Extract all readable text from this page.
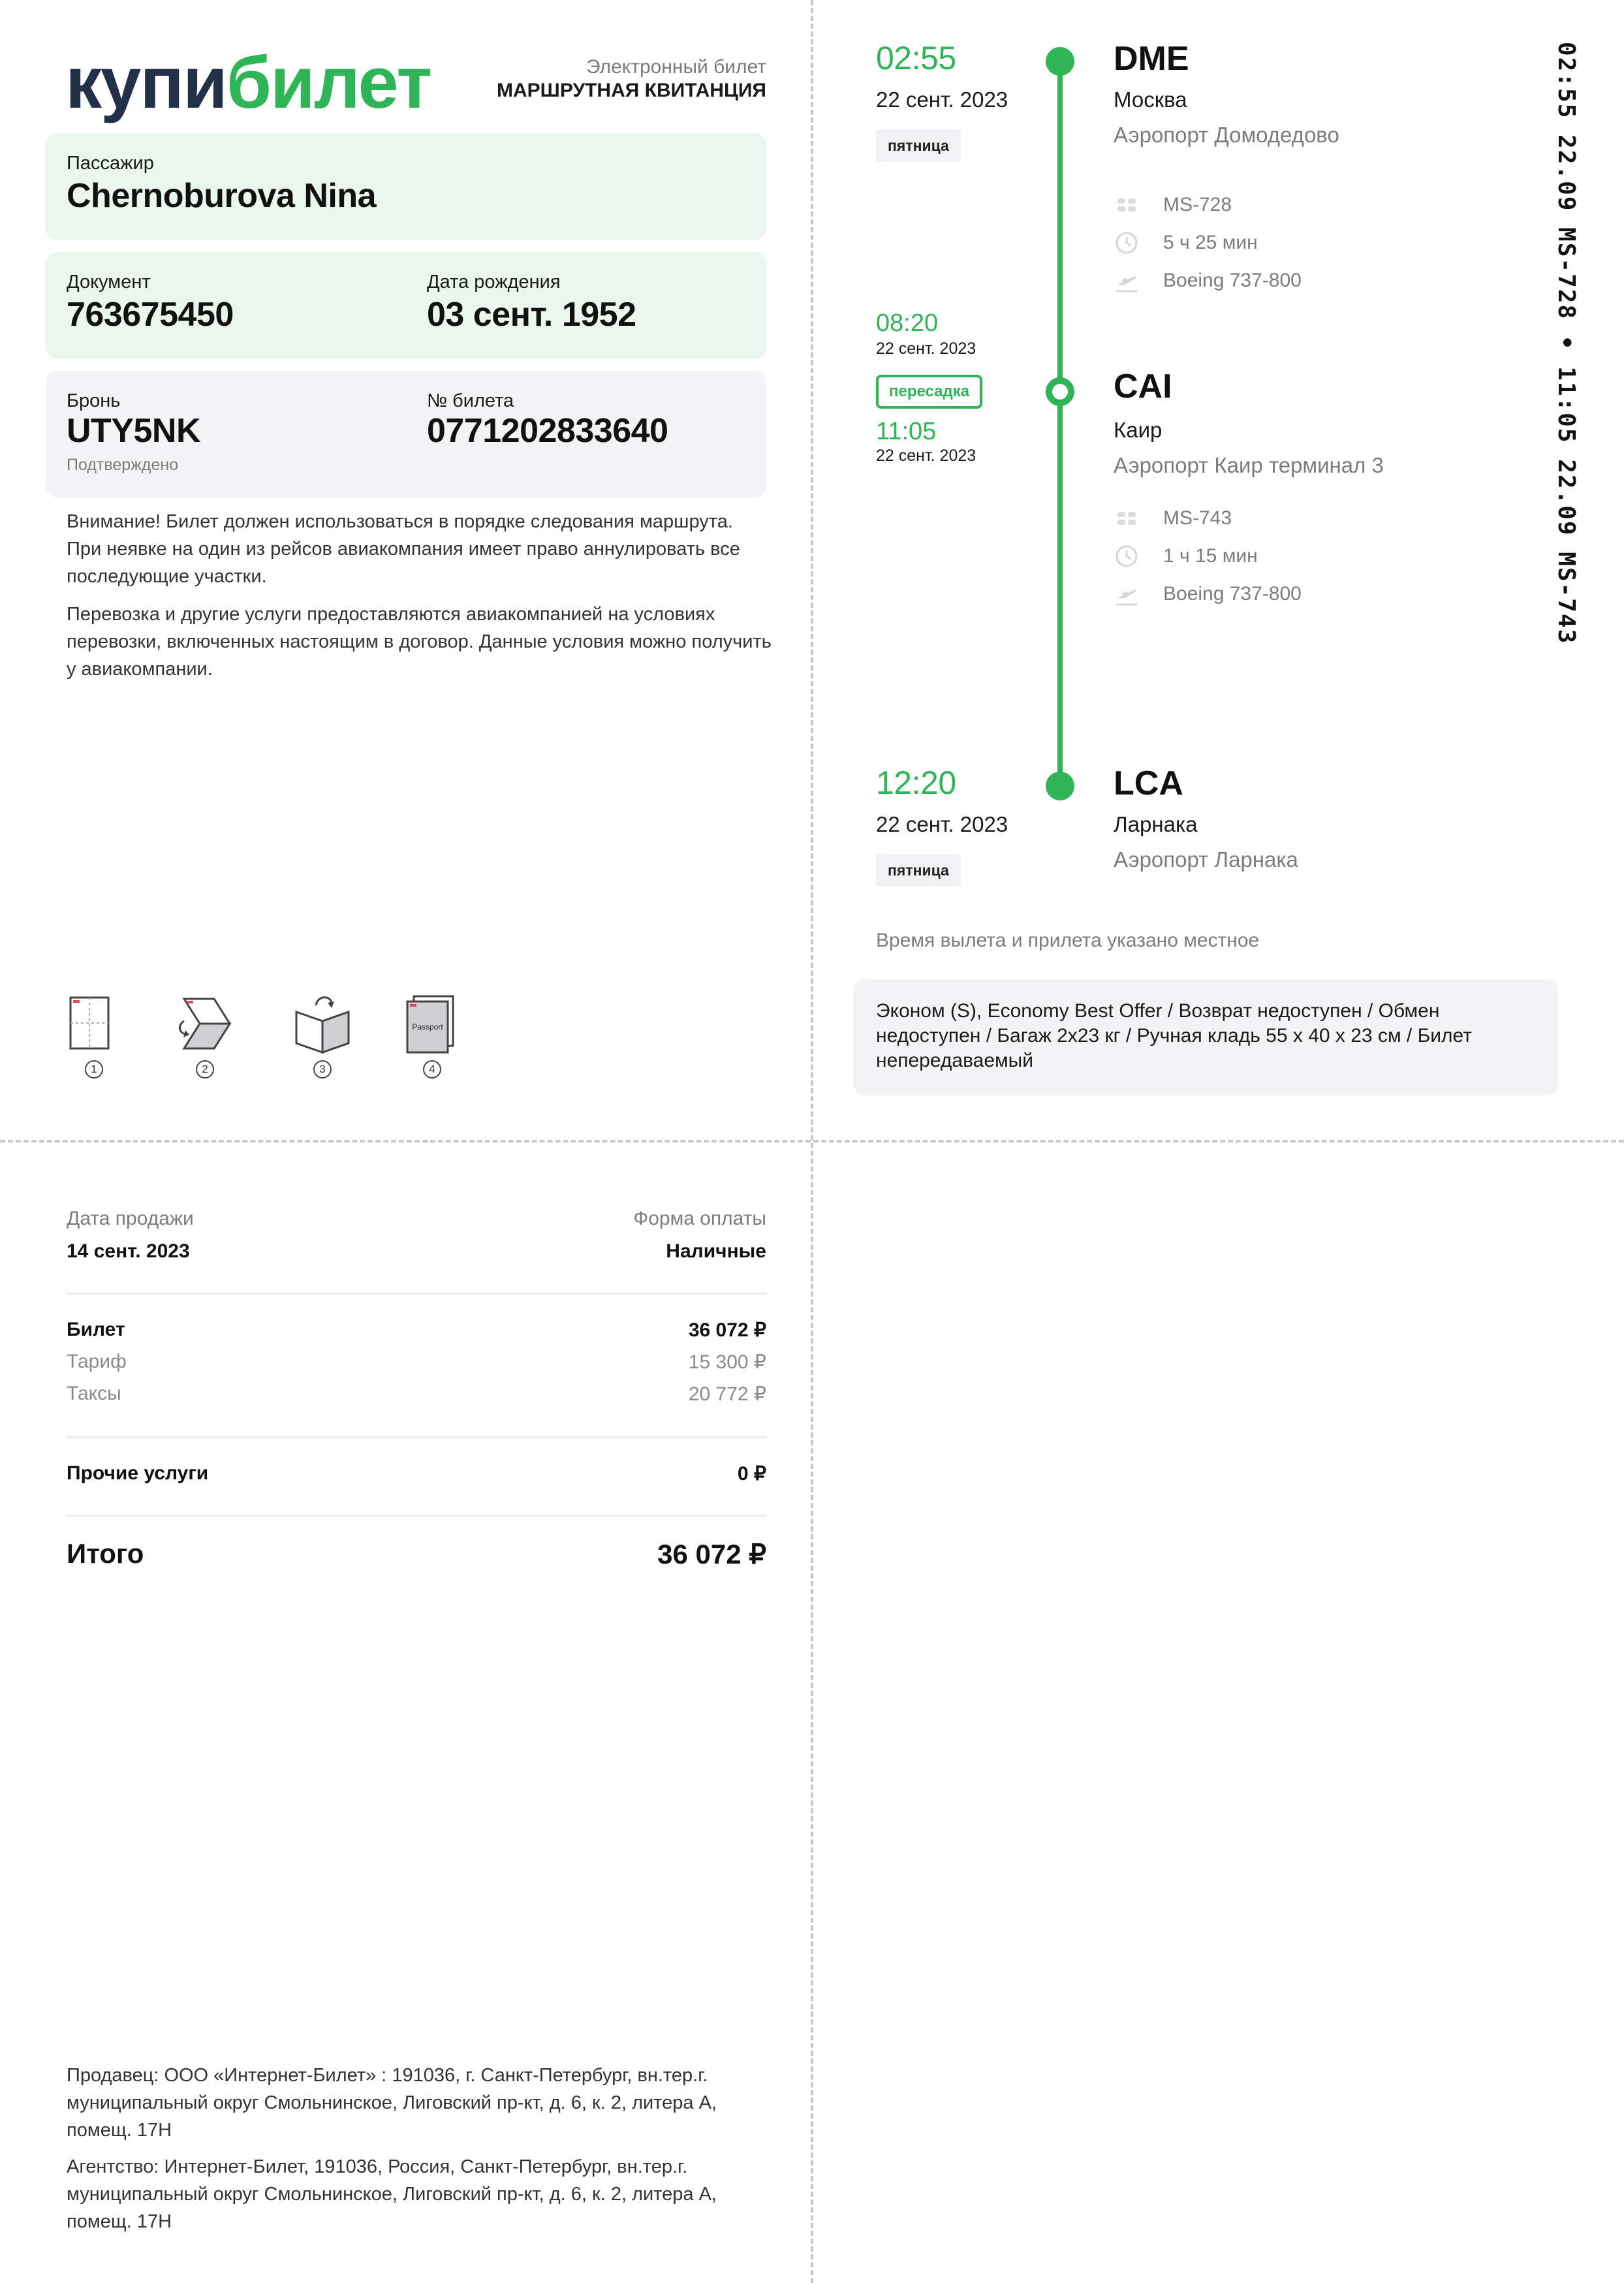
купибилет	Электронный билет
МАРШРУТНАЯ КВИТАНЦИЯ
Пассажир
Chernoburova Nina
Документ
763675450
Дата рождения
03 сент. 1952
Бронь
UTY5NK
Подтверждено
№ билета
0771202833640
Внимание! Билет должен использоваться в порядке следования маршрута. При неявке на один из рейсов авиакомпания имеет право аннулировать все последующие участки.
Перевозка и другие услуги предоставляются авиакомпанией на условиях перевозки, включенных настоящим в договор. Данные условия можно получить у авиакомпании.
1	2	3
Passport
4
02:55
22 сент. 2023
пятница
DME
Москва
Аэропорт Домодедово
MS-728
5 ч 25 мин
Boeing 737-800
08:20
22 сент. 2023
пересадка
11:05
22 сент. 2023
CAI
Каир
Аэропорт Каир терминал 3
MS-743
1 ч 15 мин
Boeing 737-800
12:20
22 сент. 2023
пятница
LCA
Ларнака
Аэропорт Ларнака
Время вылета и прилета указано местное
Эконом (S), Economy Best Offer / Возврат недоступен / Обмен недоступен / Багаж 2x23 кг / Ручная кладь 55 x 40 x 23 см / Билет непередаваемый
02:55 22.09 MS-728 • 11:05 22.09 MS-743
Дата продажи
14 сент. 2023
Форма оплаты
Наличные
Билет	36 072 ₽
Тариф	15 300 ₽
Таксы	20 772 ₽
Прочие услуги	0 ₽
Итого	36 072 ₽
Продавец: ООО «Интернет-Билет» : 191036, г. Санкт-Петербург, вн.тер.г. муниципальный округ Смольнинское, Лиговский пр-кт, д. 6, к. 2, литера А, помещ. 17Н
Агентство: Интернет-Билет, 191036, Россия, Санкт-Петербург, вн.тер.г. муниципальный округ Смольнинское, Лиговский пр-кт, д. 6, к. 2, литера А, помещ. 17Н
